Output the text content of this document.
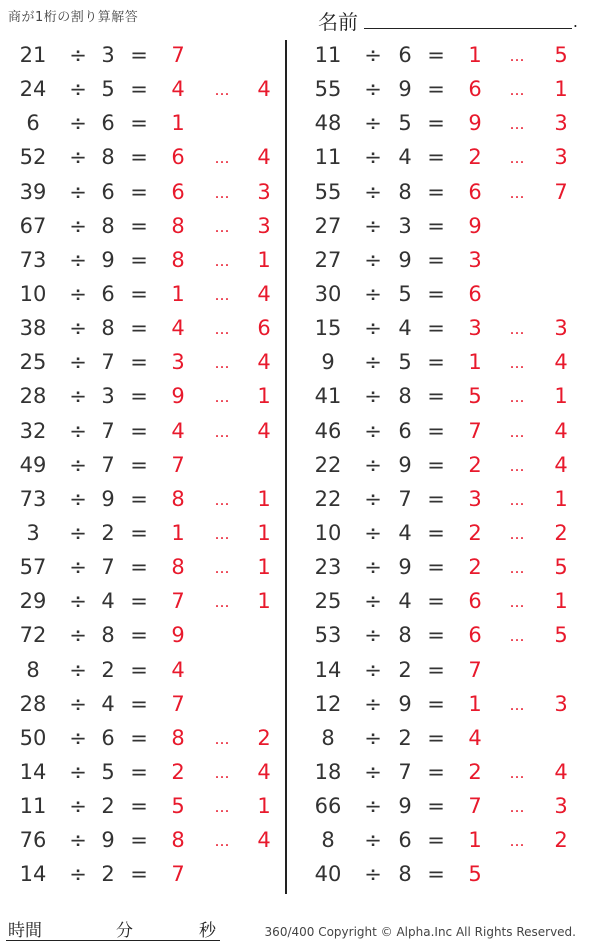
商が1桁の割り算解答	名前	.
21	÷ 3 = 7
24	÷ 5 = 4	…	4
6	÷ 6 = 1
52	÷ 8 = 6	…	4
39	÷ 6 = 6	…	3
67	÷ 8 = 8	…	3
73	÷ 9 = 8	…	1
10	÷ 6 = 1	…	4
38	÷ 8 = 4	…	6
25	÷ 7 = 3	…	4
28	÷ 3 = 9	…	1
32	÷ 7 = 4	…	4
49	÷ 7 = 7
73	÷ 9 = 8	…	1
3	÷ 2 = 1	…	1
57	÷ 7 = 8	…	1
29	÷ 4 = 7	…	1
72	÷ 8 = 9
8	÷ 2 = 4
28	÷ 4 = 7
50	÷ 6 = 8	…	2
14	÷ 5 = 2	…	4
11	÷ 2 = 5	…	1
76	÷ 9 = 8	…	4
14	÷ 2 = 7
11	÷ 6 = 1	…	5
55	÷ 9 = 6	…	1
48	÷ 5 = 9	…	3
11	÷ 4 = 2	…	3
55	÷ 8 = 6	…	7
27	÷ 3 = 9
27	÷ 9 = 3
30	÷ 5 = 6
15	÷ 4 = 3	…	3
9	÷ 5 = 1	…	4
41	÷ 8 = 5	…	1
46	÷ 6 = 7	…	4
22	÷ 9 = 2	…	4
22	÷ 7 = 3	…	1
10	÷ 4 = 2	…	2
23	÷ 9 = 2	…	5
25	÷ 4 = 6	…	1
53	÷ 8 = 6	…	5
14	÷ 2 = 7
12	÷ 9 = 1	…	3
8	÷ 2 = 4
18	÷ 7 = 2	…	4
66	÷ 9 = 7	…	3
8	÷ 6 = 1	…	2
40	÷ 8 = 5
時間	分	秒	360/400 Copyright © Alpha.Inc All Rights Reserved.
